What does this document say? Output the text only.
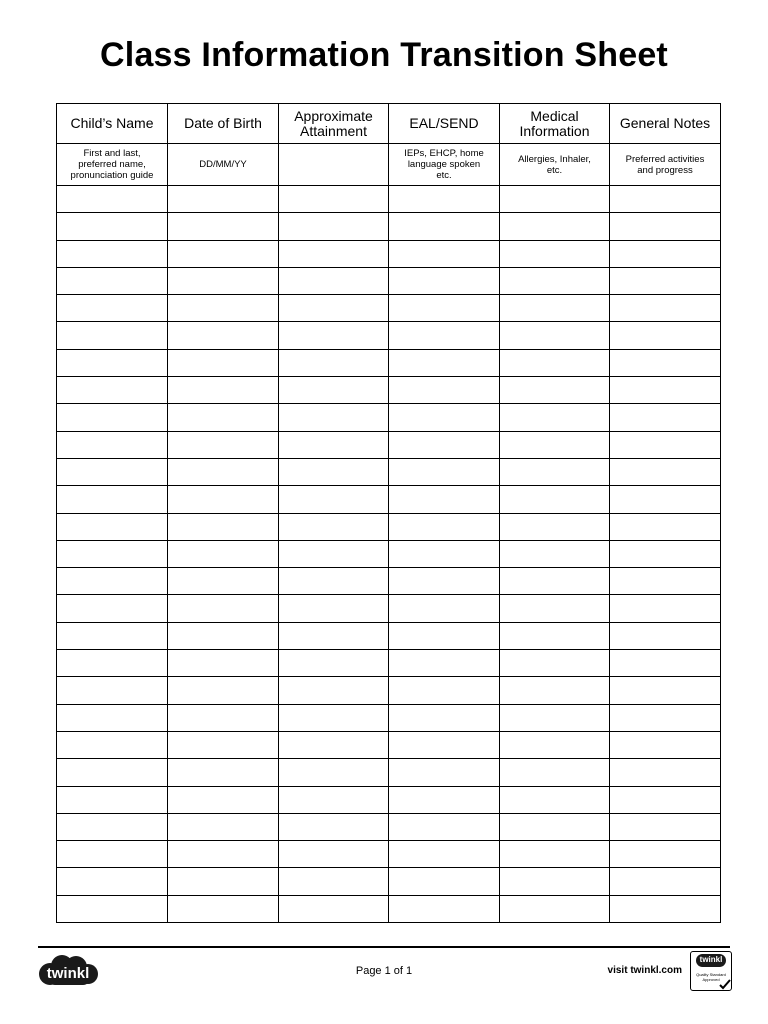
Class Information Transition Sheet
Child’s Name	Date of Birth	Approximate Attainment	EAL/SEND	Medical Information	General Notes
First and last, preferred name, pronunciation guide	DD/MM/YY		IEPs, EHCP, home language spoken etc.	Allergies, Inhaler, etc.	Preferred activities and progress

twinkl	Page 1 of 1	visit twinkl.com
twinkl
Quality Standard
Approved
